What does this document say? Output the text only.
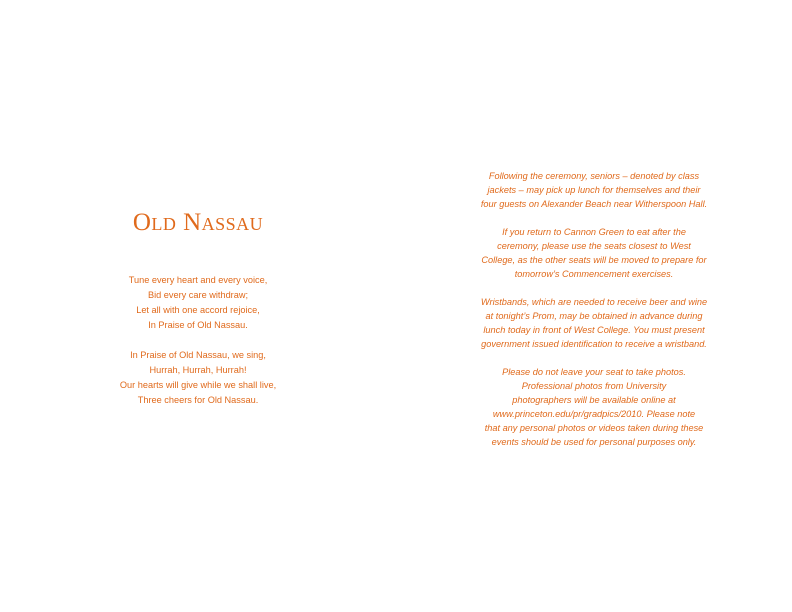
Old Nassau

Tune every heart and every voice,
Bid every care withdraw;
Let all with one accord rejoice,
In Praise of Old Nassau.

In Praise of Old Nassau, we sing,
Hurrah, Hurrah, Hurrah!
Our hearts will give while we shall live,
Three cheers for Old Nassau.

Following the ceremony, seniors – denoted by class
jackets – may pick up lunch for themselves and their
four guests on Alexander Beach near Witherspoon Hall.

If you return to Cannon Green to eat after the
ceremony, please use the seats closest to West
College, as the other seats will be moved to prepare for
tomorrow’s Commencement exercises.

Wristbands, which are needed to receive beer and wine
at tonight’s Prom, may be obtained in advance during
lunch today in front of West College. You must present
government issued identification to receive a wristband.

Please do not leave your seat to take photos.
Professional photos from University
photographers will be available online at
www.princeton.edu/pr/gradpics/2010. Please note
that any personal photos or videos taken during these
events should be used for personal purposes only.
